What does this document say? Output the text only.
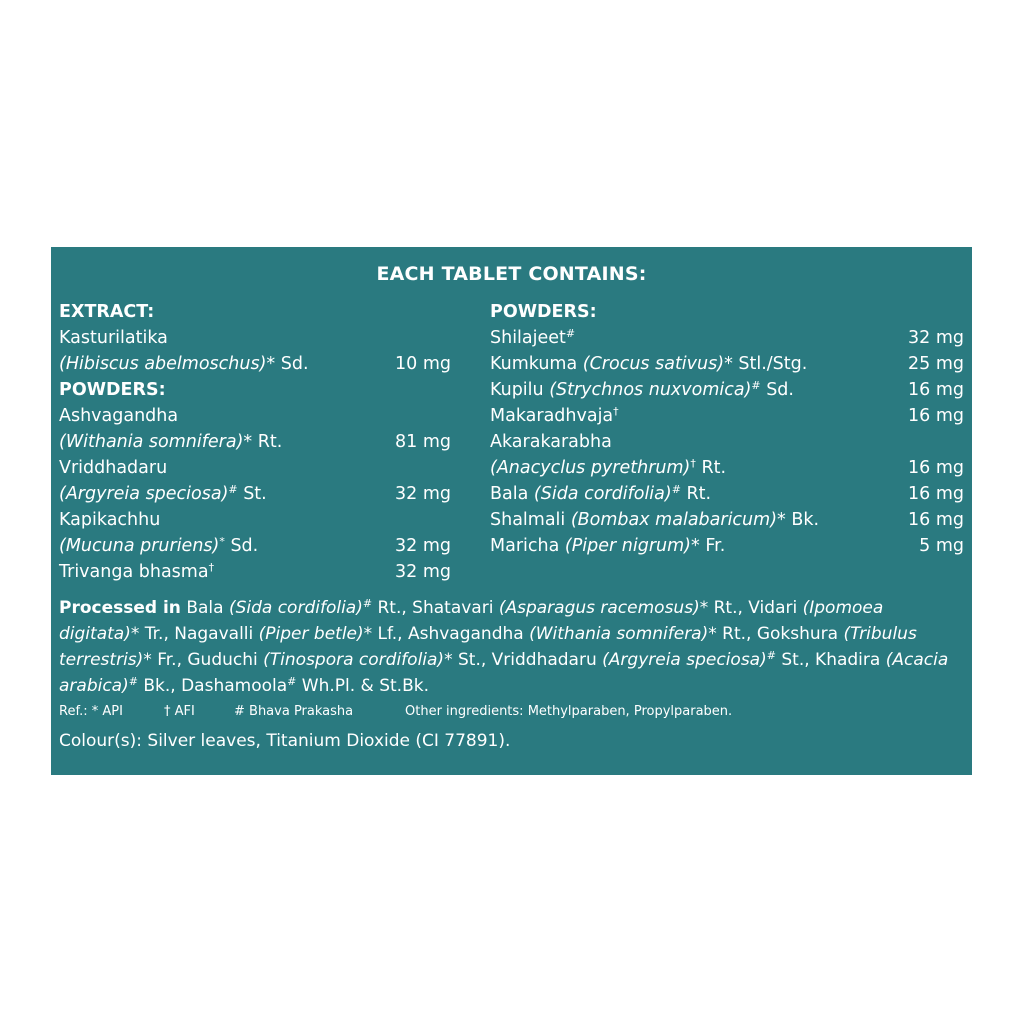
EACH TABLET CONTAINS:
EXTRACT:
Kasturilatika
(Hibiscus abelmoschus)* Sd.	10 mg
POWDERS:
Ashvagandha
(Withania somnifera)* Rt.	81 mg
Vriddhadaru
(Argyreia speciosa)# St.	32 mg
Kapikachhu
(Mucuna pruriens)* Sd.	32 mg
Trivanga bhasma†	32 mg
POWDERS:
Shilajeet#	32 mg
Kumkuma (Crocus sativus)* Stl./Stg.	25 mg
Kupilu (Strychnos nuxvomica)# Sd.	16 mg
Makaradhvaja†	16 mg
Akarakarabha
(Anacyclus pyrethrum)† Rt.	16 mg
Bala (Sida cordifolia)# Rt.	16 mg
Shalmali (Bombax malabaricum)* Bk.	16 mg
Maricha (Piper nigrum)* Fr.	5 mg
Processed in Bala (Sida cordifolia)# Rt., Shatavari (Asparagus racemosus)* Rt., Vidari (Ipomoea digitata)* Tr., Nagavalli (Piper betle)* Lf., Ashvagandha (Withania somnifera)* Rt., Gokshura (Tribulus terrestris)* Fr., Guduchi (Tinospora cordifolia)* St., Vriddhadaru (Argyreia speciosa)# St., Khadira (Acacia arabica)# Bk., Dashamoola# Wh.Pl. & St.Bk.
Ref.: * API	† AFI	# Bhava Prakasha	Other ingredients: Methylparaben, Propylparaben.
Colour(s): Silver leaves, Titanium Dioxide (CI 77891).
